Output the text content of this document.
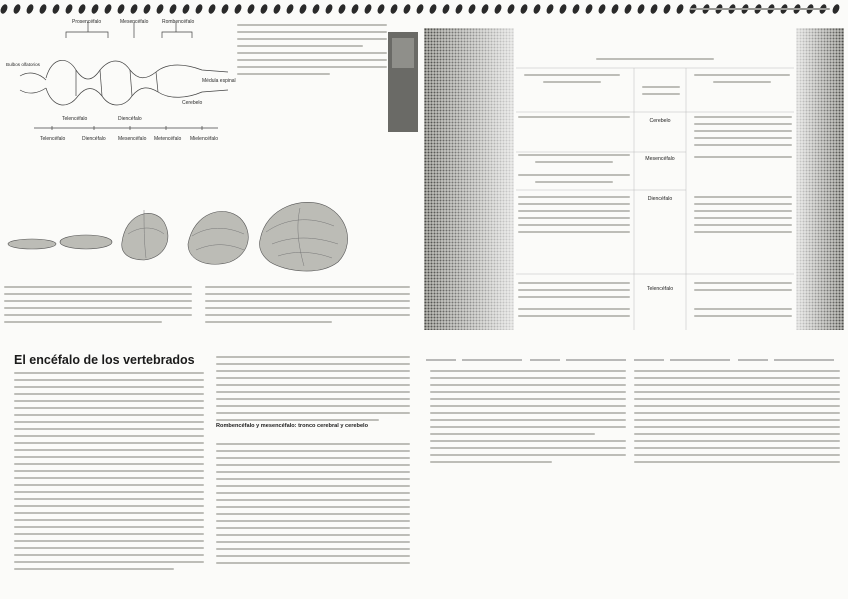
Prosencéfalo	Mesencéfalo	Rombencéfalo
Bulbos olfatorios
Cerebelo
Médula espinal
Telencéfalo	Diencéfalo
Telencéfalo	Diencéfalo Mesencéfalo Metencéfalo Mielencéfalo
El encéfalo de los vertebrados
Rombencéfalo y mesencéfalo: tronco cerebral y cerebelo
Cerebelo
Mesencéfalo
Diencéfalo
Telencéfalo
